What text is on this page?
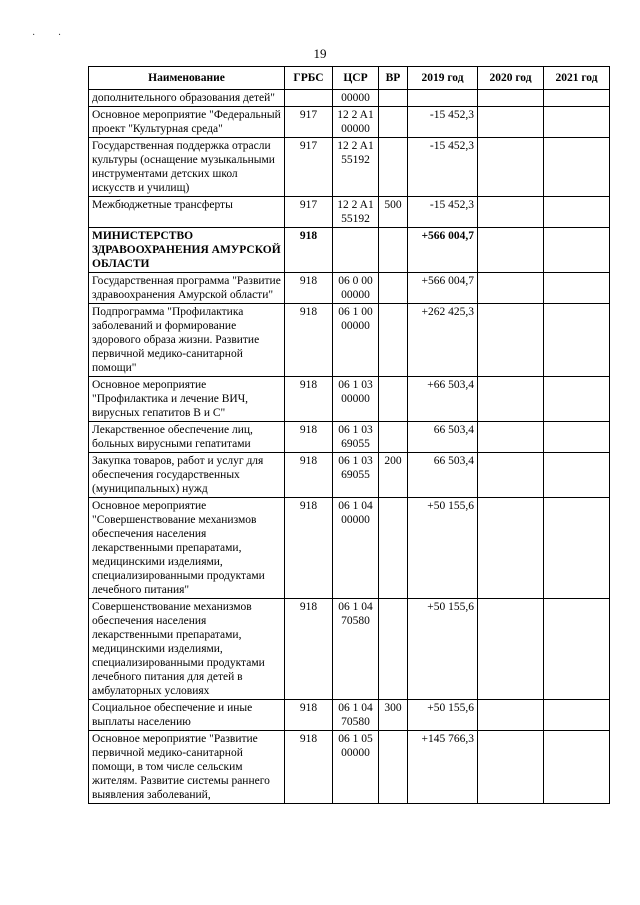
· ·
19
Наименование	ГРБС	ЦСР	ВР	2019 год	2020 год	2021 год
дополнительного образования детей"		00000				
Основное мероприятие "Федеральный проект "Культурная среда"	917	12 2 A1 00000		-15 452,3		
Государственная поддержка отрасли культуры (оснащение музыкальными инструментами детских школ искусств и училищ)	917	12 2 A1 55192		-15 452,3		
Межбюджетные трансферты	917	12 2 A1 55192	500	-15 452,3		
МИНИСТЕРСТВО ЗДРАВООХРАНЕНИЯ АМУРСКОЙ ОБЛАСТИ	918			+566 004,7		
Государственная программа "Развитие здравоохранения Амурской области"	918	06 0 00 00000		+566 004,7		
Подпрограмма "Профилактика заболеваний и формирование здорового образа жизни. Развитие первичной медико-санитарной помощи"	918	06 1 00 00000		+262 425,3		
Основное мероприятие "Профилактика и лечение ВИЧ, вирусных гепатитов В и С"	918	06 1 03 00000		+66 503,4		
Лекарственное обеспечение лиц, больных вирусными гепатитами	918	06 1 03 69055		66 503,4		
Закупка товаров, работ и услуг для обеспечения государственных (муниципальных) нужд	918	06 1 03 69055	200	66 503,4		
Основное мероприятие "Совершенствование механизмов обеспечения населения лекарственными препаратами, медицинскими изделиями, специализированными продуктами лечебного питания"	918	06 1 04 00000		+50 155,6		
Совершенствование механизмов обеспечения населения лекарственными препаратами, медицинскими изделиями, специализированными продуктами лечебного питания для детей в амбулаторных условиях	918	06 1 04 70580		+50 155,6		
Социальное обеспечение и иные выплаты населению	918	06 1 04 70580	300	+50 155,6		
Основное мероприятие "Развитие первичной медико-санитарной помощи, в том числе сельским жителям. Развитие системы раннего выявления заболеваний,	918	06 1 05 00000		+145 766,3		
